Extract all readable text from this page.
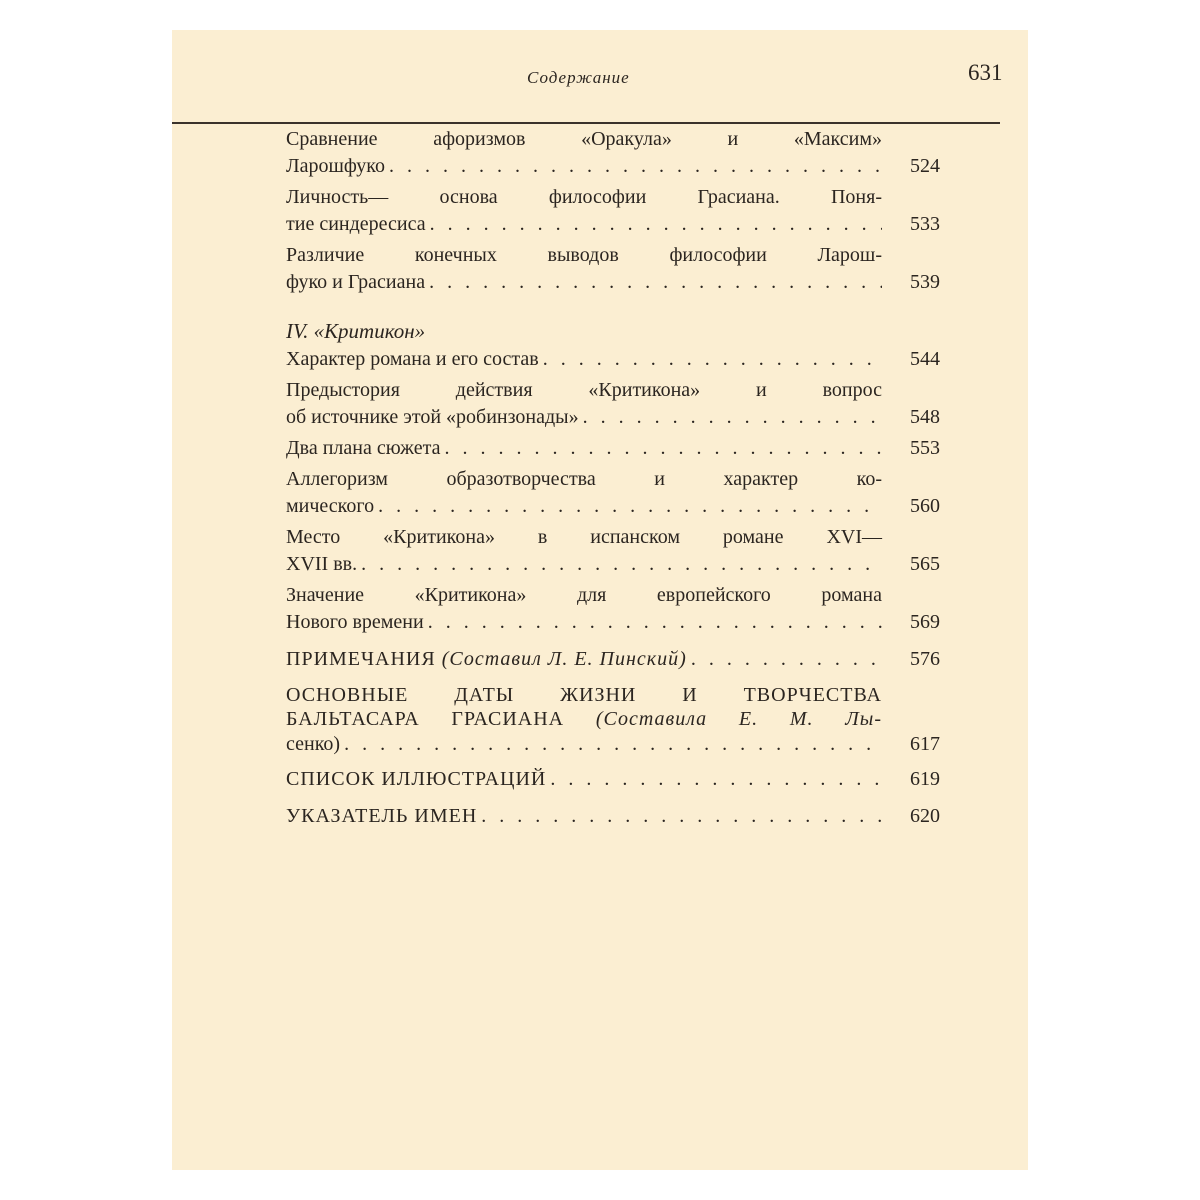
Содержание	631
Сравнение афоризмов «Оракула» и «Максим»
Ларошфуко . . .	524
Личность— основа философии Грасиана. Поня-
тие синдересиса . . .	533
Различие конечных выводов философии Ларош-
фуко и Грасиана . . .	539
IV. «Критикон»
Характер романа и его состав . . .	544
Предыстория действия «Критикона» и вопрос
об источнике этой «робинзонады» . . .	548
Два плана сюжета . . .	553
Аллегоризм образотворчества и характер ко-
мического . . .	560
Место «Критикона» в испанском романе XVI—
XVII вв. . . .	565
Значение «Критикона» для европейского романа
Нового времени . . .	569
ПРИМЕЧАНИЯ (Составил Л. Е. Пинский) . . .	576
ОСНОВНЫЕ ДАТЫ ЖИЗНИ И ТВОРЧЕСТВА
БАЛЬТАСАРА ГРАСИАНА (Составила Е. М. Лы-
сенко) . . .	617
СПИСОК ИЛЛЮСТРАЦИЙ . . .	619
УКАЗАТЕЛЬ ИМЕН . . .	620
